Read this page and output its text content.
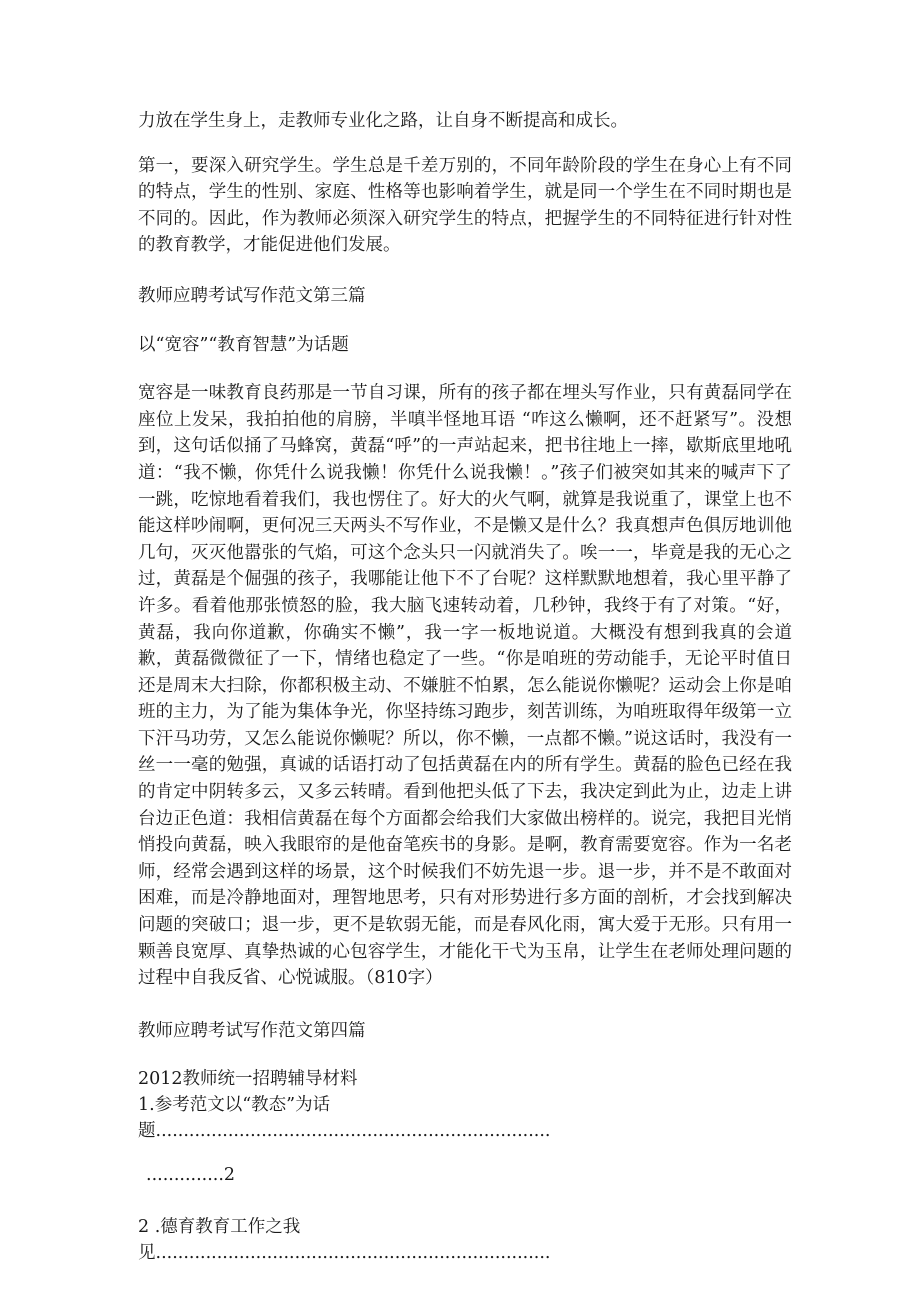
力放在学生身上，走教师专业化之路，让自身不断提高和成长。

第一，要深入研究学生。学生总是千差万别的，不同年龄阶段的学生在身心上有不同的特点，学生的性别、家庭、性格等也影响着学生，就是同一个学生在不同时期也是不同的。因此，作为教师必须深入研究学生的特点，把握学生的不同特征进行针对性的教育教学，才能促进他们发展。

教师应聘考试写作范文第三篇

以“宽容”“教育智慧”为话题

宽容是一味教育良药那是一节自习课，所有的孩子都在埋头写作业，只有黄磊同学在座位上发呆，我拍拍他的肩膀，半嗔半怪地耳语 “咋这么懒啊，还不赶紧写”。没想到，这句话似捅了马蜂窝，黄磊“呼”的一声站起来，把书往地上一摔，歇斯底里地吼道：“我不懒，你凭什么说我懒！你凭什么说我懒！。”孩子们被突如其来的喊声下了一跳，吃惊地看着我们，我也愣住了。好大的火气啊，就算是我说重了，课堂上也不能这样吵闹啊，更何况三天两头不写作业，不是懒又是什么？我真想声色俱厉地训他几句，灭灭他嚣张的气焰，可这个念头只一闪就消失了。唉一一，毕竟是我的无心之过，黄磊是个倔强的孩子，我哪能让他下不了台呢？这样默默地想着，我心里平静了许多。看着他那张愤怒的脸，我大脑飞速转动着，几秒钟，我终于有了对策。“好，黄磊，我向你道歉，你确实不懒”，我一字一板地说道。大概没有想到我真的会道歉，黄磊微微征了一下，情绪也稳定了一些。“你是咱班的劳动能手，无论平时值日还是周末大扫除，你都积极主动、不嫌脏不怕累，怎么能说你懒呢？运动会上你是咱班的主力，为了能为集体争光，你坚持练习跑步，刻苦训练，为咱班取得年级第一立下汗马功劳，又怎么能说你懒呢？所以，你不懒，一点都不懒。”说这话时，我没有一丝一一毫的勉强，真诚的话语打动了包括黄磊在内的所有学生。黄磊的脸色已经在我的肯定中阴转多云，又多云转晴。看到他把头低了下去，我决定到此为止，边走上讲台边正色道：我相信黄磊在每个方面都会给我们大家做出榜样的。说完，我把目光悄悄投向黄磊，映入我眼帘的是他奋笔疾书的身影。是啊，教育需要宽容。作为一名老师，经常会遇到这样的场景，这个时候我们不妨先退一步。退一步，并不是不敢面对困难，而是冷静地面对，理智地思考，只有对形势进行多方面的剖析，才会找到解决问题的突破口；退一步，更不是软弱无能，而是春风化雨，寓大爱于无形。只有用一颗善良宽厚、真挚热诚的心包容学生，才能化干弋为玉帛，让学生在老师处理问题的过程中自我反省、心悦诚服。（810字）

教师应聘考试写作范文第四篇

2012教师统一招聘辅导材料
1.参考范文以“教态”为话
题.......................................................................
..............2
2 .德育教育工作之我
见.......................................................................
